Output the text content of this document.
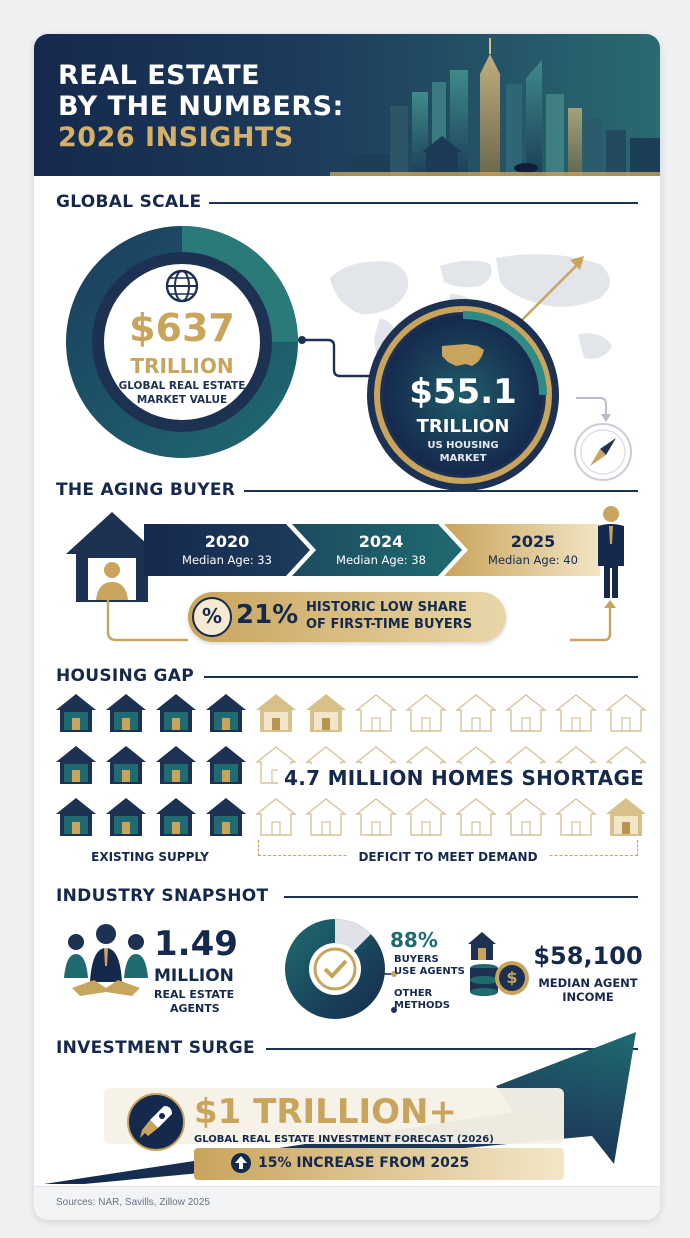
REAL ESTATE
BY THE NUMBERS:
2026 INSIGHTS
GLOBAL SCALE
$637
TRILLION
GLOBAL REAL ESTATE
MARKET VALUE	$55.1
TRILLION
US HOUSING
MARKET
THE AGING BUYER
2020
Median Age: 33
2024
Median Age: 38
2025
Median Age: 40
% 21% HISTORIC LOW SHARE
OF FIRST-TIME BUYERS
HOUSING GAP
4.7 MILLION HOMES SHORTAGE
EXISTING SUPPLY	DEFICIT TO MEET DEMAND
INDUSTRY SNAPSHOT
1.49
MILLION
REAL ESTATE
AGENTS
88%
BUYERS
USE AGENTS
OTHER
METHODS
$
$58,100
MEDIAN AGENT
INCOME
INVESTMENT SURGE
$1 TRILLION+
GLOBAL REAL ESTATE INVESTMENT FORECAST (2026)
15% INCREASE FROM 2025
Sources: NAR, Savills, Zillow 2025
